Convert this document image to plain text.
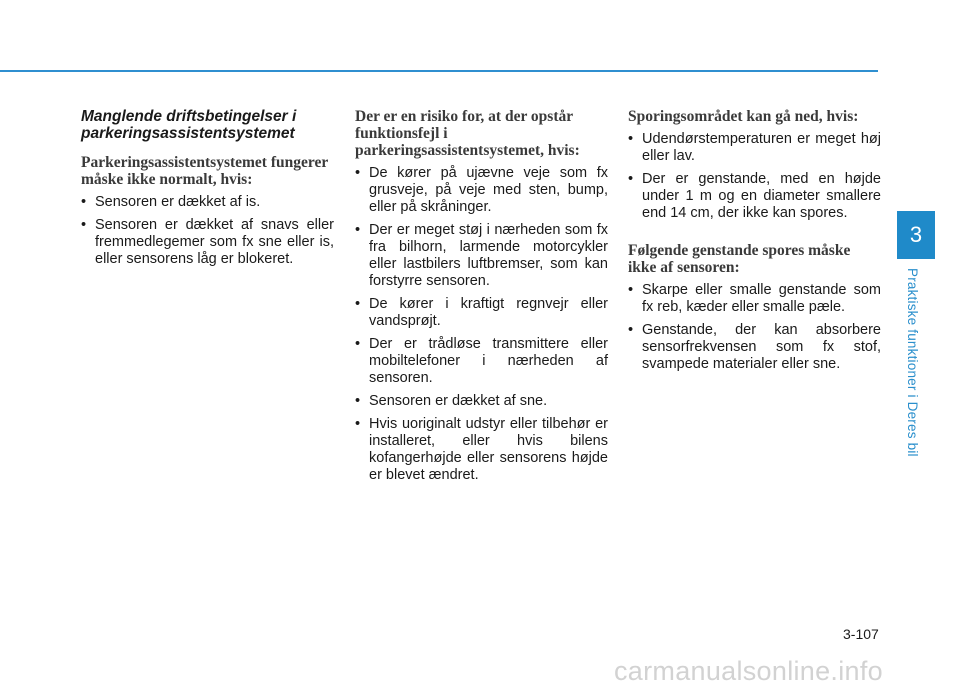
3
Praktiske funktioner i Deres bil
Manglende driftsbetingelser i parkeringsassistentsystemet
Parkeringsassistentsystemet fungerer måske ikke normalt, hvis:
• Sensoren er dækket af is.
• Sensoren er dækket af snavs eller fremmedlegemer som fx sne eller is, eller sensorens låg er blokeret.
Der er en risiko for, at der opstår funktionsfejl i parkeringsassistentsystemet, hvis:
• De kører på ujævne veje som fx grusveje, på veje med sten, bump, eller på skråninger.
• Der er meget støj i nærheden som fx fra bilhorn, larmende motorcykler eller lastbilers luftbremser, som kan forstyrre sensoren.
• De kører i kraftigt regnvejr eller vandsprøjt.
• Der er trådløse transmittere eller mobiltelefoner i nærheden af sensoren.
• Sensoren er dækket af sne.
• Hvis uoriginalt udstyr eller tilbehør er installeret, eller hvis bilens kofangerhøjde eller sensorens højde er blevet ændret.
Sporingsområdet kan gå ned, hvis:
• Udendørstemperaturen er meget høj eller lav.
• Der er genstande, med en højde under 1 m og en diameter smallere end 14 cm, der ikke kan spores.
Følgende genstande spores måske ikke af sensoren:
• Skarpe eller smalle genstande som fx reb, kæder eller smalle pæle.
• Genstande, der kan absorbere sensorfrekvensen som fx stof, svampede materialer eller sne.
3-107
carmanualsonline.info
